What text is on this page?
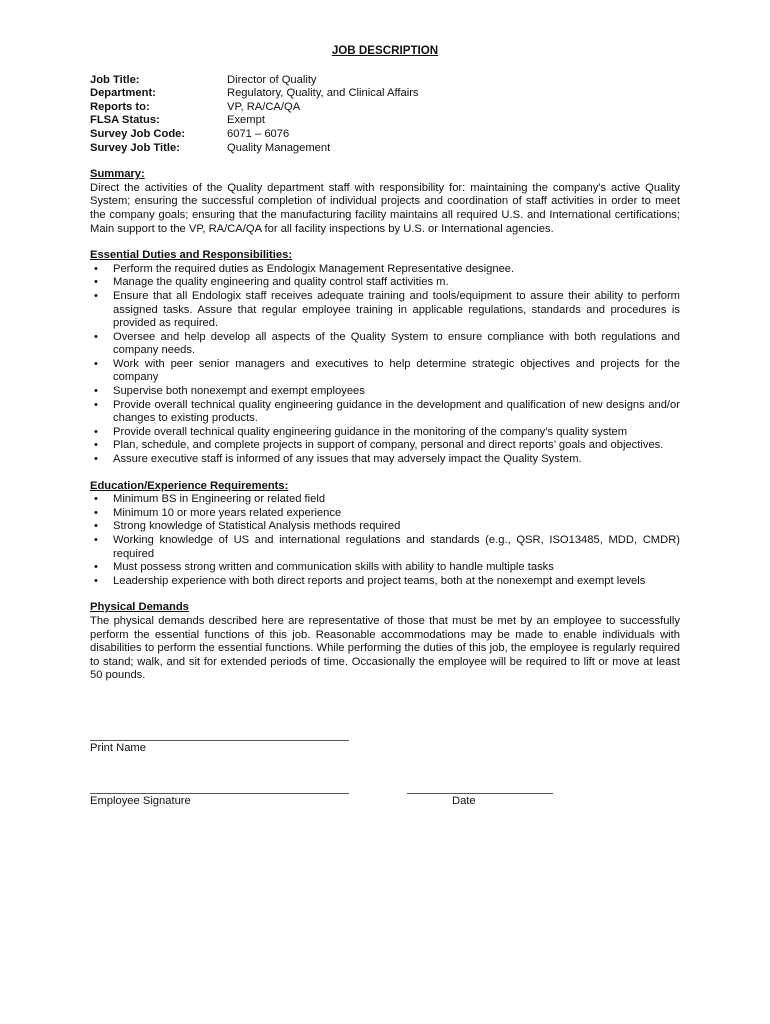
JOB DESCRIPTION
Job Title:	Director of Quality
Department:	Regulatory, Quality, and Clinical Affairs
Reports to:	VP, RA/CA/QA
FLSA Status:	Exempt
Survey Job Code:	6071 – 6076
Survey Job Title:	Quality Management
Summary:
Direct the activities of the Quality department staff with responsibility for: maintaining the company's active Quality System; ensuring the successful completion of individual projects and coordination of staff activities in order to meet the company goals; ensuring that the manufacturing facility maintains all required U.S. and International certifications; Main support to the VP, RA/CA/QA for all facility inspections by U.S. or International agencies.
Essential Duties and Responsibilities:
•	Perform the required duties as Endologix Management Representative designee.
•	Manage the quality engineering and quality control staff activities m.
•	Ensure that all Endologix staff receives adequate training and tools/equipment to assure their ability to perform assigned tasks. Assure that regular employee training in applicable regulations, standards and procedures is provided as required.
•	Oversee and help develop all aspects of the Quality System to ensure compliance with both regulations and company needs.
•	Work with peer senior managers and executives to help determine strategic objectives and projects for the company
•	Supervise both nonexempt and exempt employees
•	Provide overall technical quality engineering guidance in the development and qualification of new designs and/or changes to existing products.
•	Provide overall technical quality engineering guidance in the monitoring of the company’s quality system
•	Plan, schedule, and complete projects in support of company, personal and direct reports’ goals and objectives.
•	Assure executive staff is informed of any issues that may adversely impact the Quality System.
Education/Experience Requirements:
•	Minimum BS in Engineering or related field
•	Minimum 10 or more years related experience
•	Strong knowledge of Statistical Analysis methods required
•	Working knowledge of US and international regulations and standards (e.g., QSR, ISO13485, MDD, CMDR) required
•	Must possess strong written and communication skills with ability to handle multiple tasks
•	Leadership experience with both direct reports and project teams, both at the nonexempt and exempt levels
Physical Demands
The physical demands described here are representative of those that must be met by an employee to successfully perform the essential functions of this job. Reasonable accommodations may be made to enable individuals with disabilities to perform the essential functions. While performing the duties of this job, the employee is regularly required to stand; walk, and sit for extended periods of time. Occasionally the employee will be required to lift or move at least 50 pounds.
Print Name
Employee Signature	Date
